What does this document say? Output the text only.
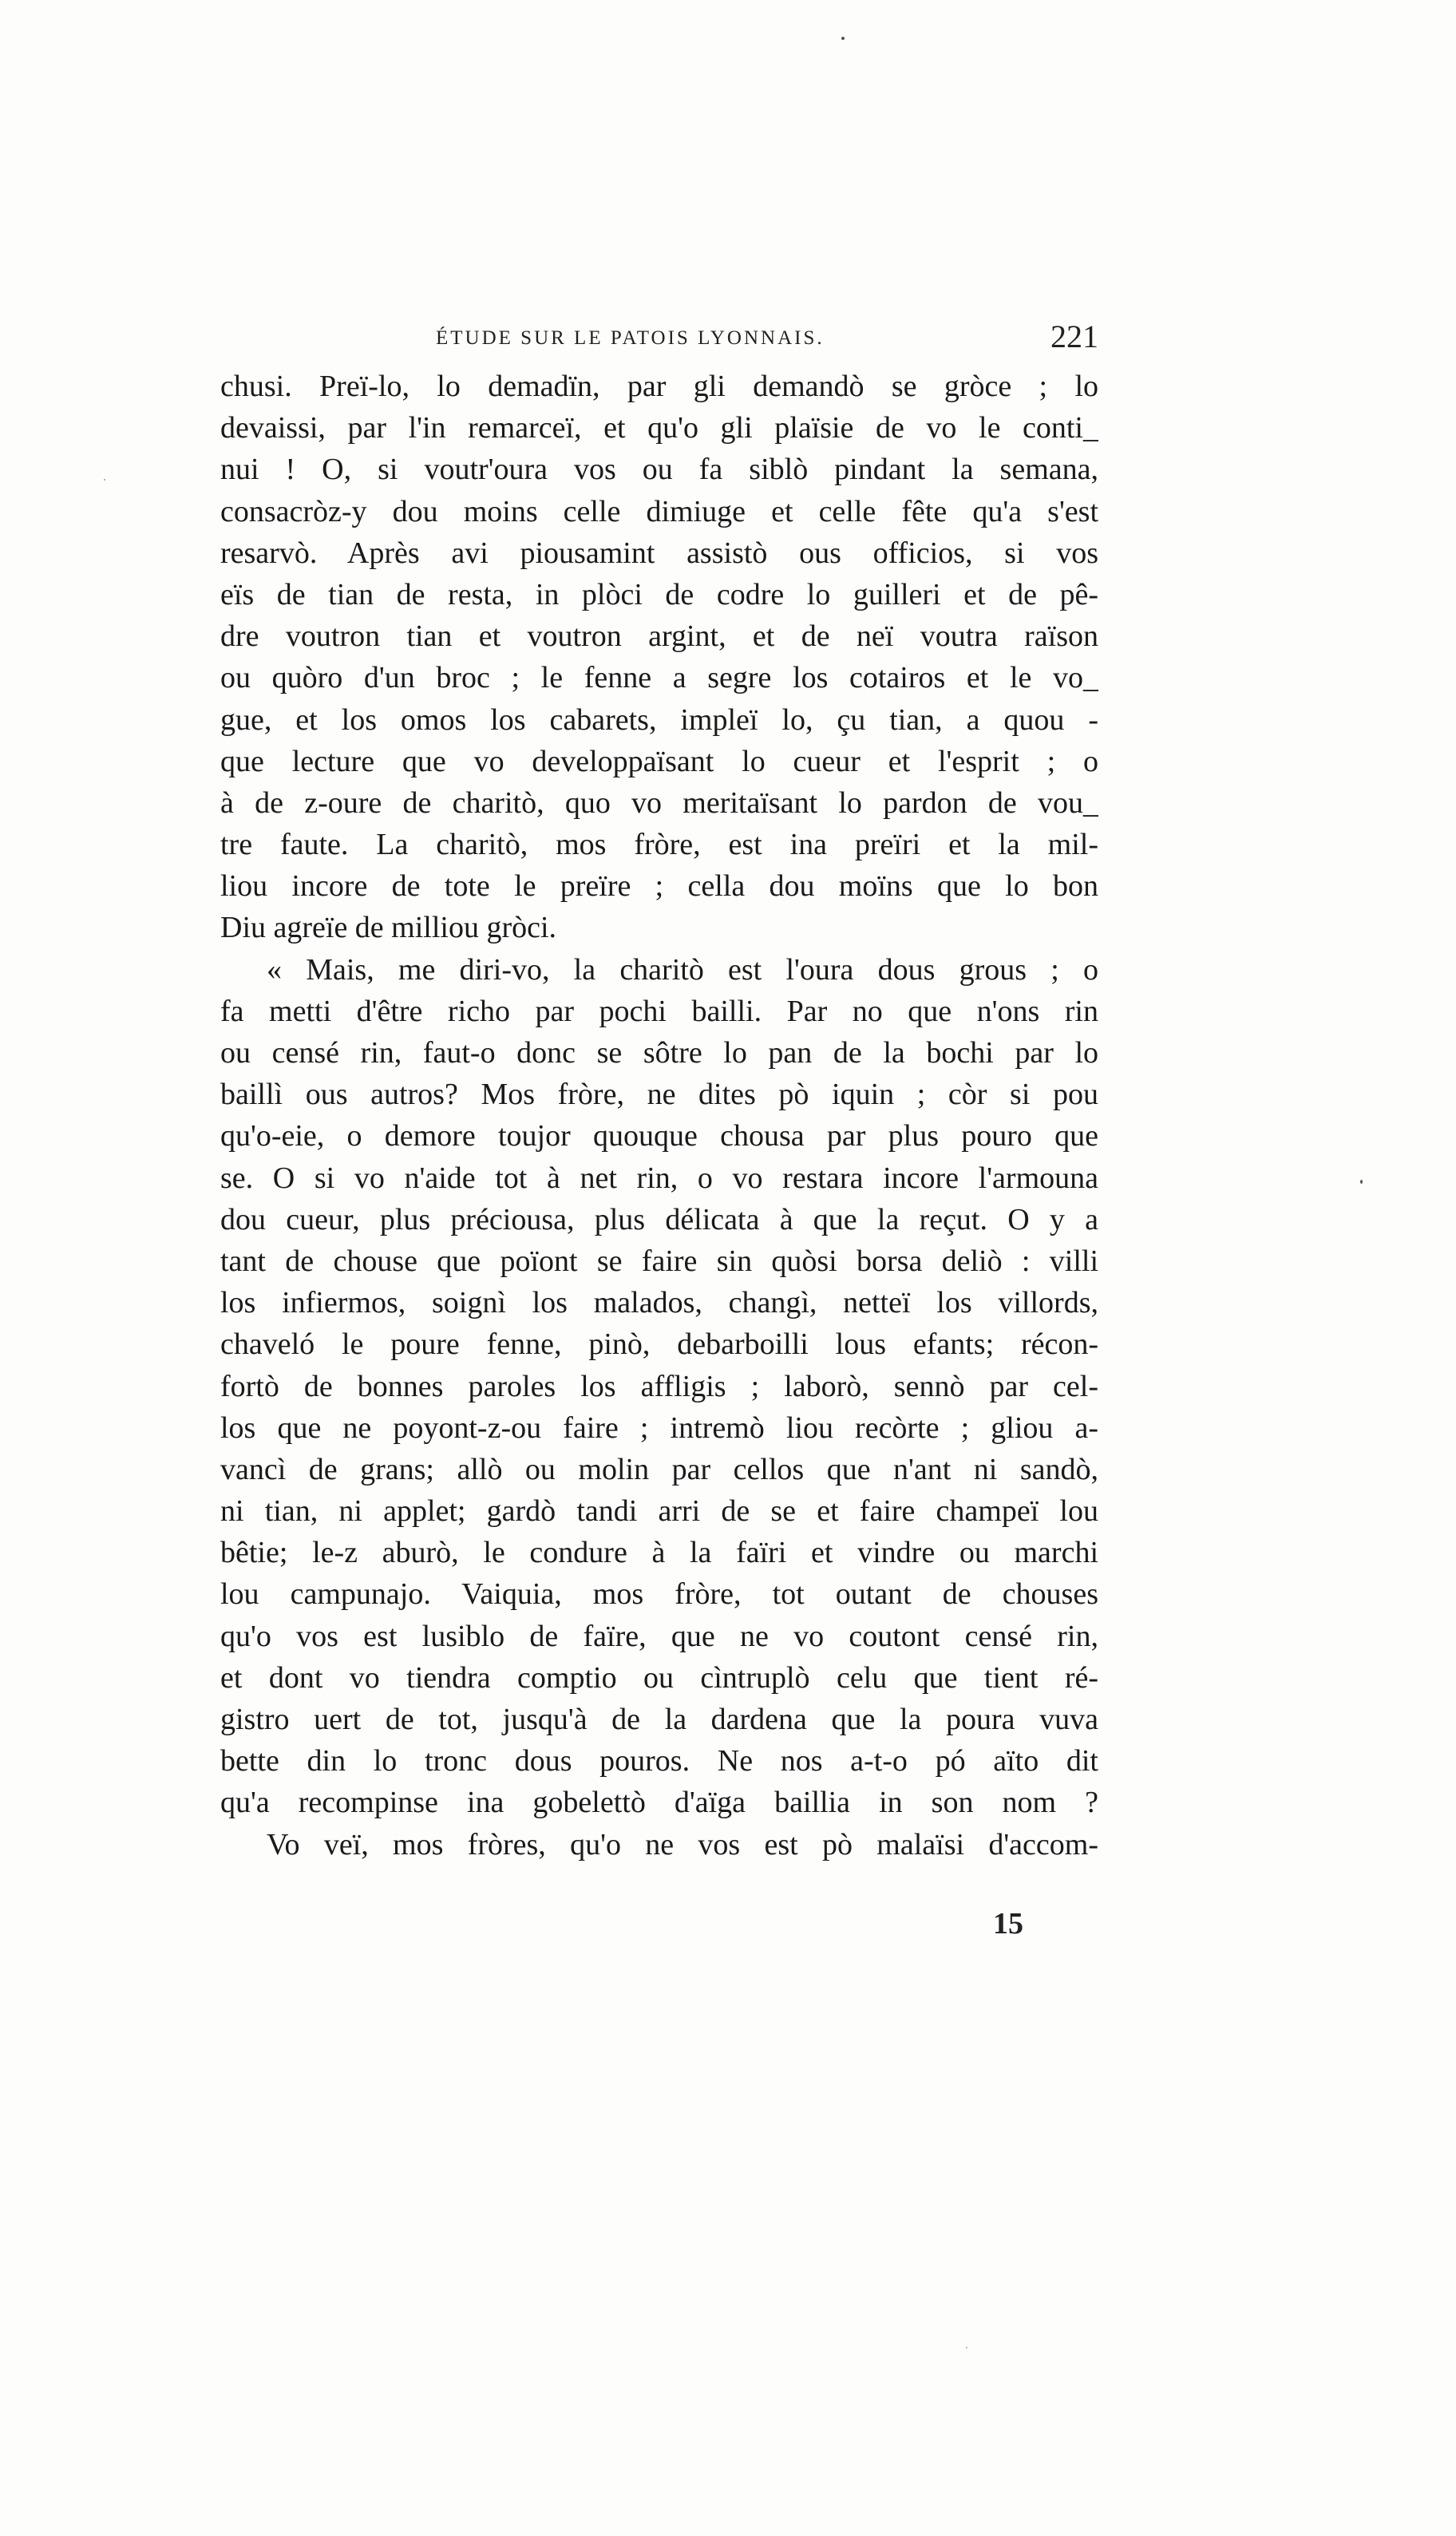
ÉTUDE SUR LE PATOIS LYONNAIS.	221
chusi. Preï-lo, lo demadïn, par gli demandò se gròce ; lo
devaissi, par l'in remarceï, et qu'o gli plaïsie de vo le conti_
nui ! O, si voutr'oura vos ou fa siblò pindant la semana,
consacròz-y dou moins celle dimiuge et celle fête qu'a s'est
resarvò. Après avi piousamint assistò ous officios, si vos
eïs de tian de resta, in plòci de codre lo guilleri et de pê-
dre voutron tian et voutron argint, et de neï voutra raïson
ou quòro d'un broc ; le fenne a segre los cotairos et le vo_
gue, et los omos los cabarets, impleï lo, çu tian, a quou -
que lecture que vo developpaïsant lo cueur et l'esprit ; o
à de z-oure de charitò, quo vo meritaïsant lo pardon de vou_
tre faute. La charitò, mos fròre, est ina preïri et la mil-
liou incore de tote le preïre ; cella dou moïns que lo bon
Diu agreïe de milliou gròci.
« Mais, me diri-vo, la charitò est l'oura dous grous ; o
fa metti d'être richo par pochi bailli. Par no que n'ons rin
ou censé rin, faut-o donc se sôtre lo pan de la bochi par lo
baillì ous autros? Mos fròre, ne dites pò iquin ; còr si pou
qu'o-eie, o demore toujor quouque chousa par plus pouro que
se. O si vo n'aide tot à net rin, o vo restara incore l'armouna
dou cueur, plus préciousa, plus délicata à que la reçut. O y a
tant de chouse que poïont se faire sin quòsi borsa deliò : villi
los infiermos, soignì los malados, changì, netteï los villords,
chaveló le poure fenne, pinò, debarboilli lous efants; récon-
fortò de bonnes paroles los affligis ; laborò, sennò par cel-
los que ne poyont-z-ou faire ; intremò liou recòrte ; gliou a-
vancì de grans; allò ou molin par cellos que n'ant ni sandò,
ni tian, ni applet; gardò tandi arri de se et faire champeï lou
bêtie; le-z aburò, le condure à la faïri et vindre ou marchi
lou campunajo. Vaiquia, mos fròre, tot outant de chouses
qu'o vos est lusiblo de faïre, que ne vo coutont censé rin,
et dont vo tiendra comptio ou cìntruplò celu que tient ré-
gistro uert de tot, jusqu'à de la dardena que la poura vuva
bette din lo tronc dous pouros. Ne nos a-t-o pó aïto dit
qu'a recompinse ina gobelettò d'aïga baillia in son nom ?
Vo veï, mos fròres, qu'o ne vos est pò malaïsi d'accom-
15
